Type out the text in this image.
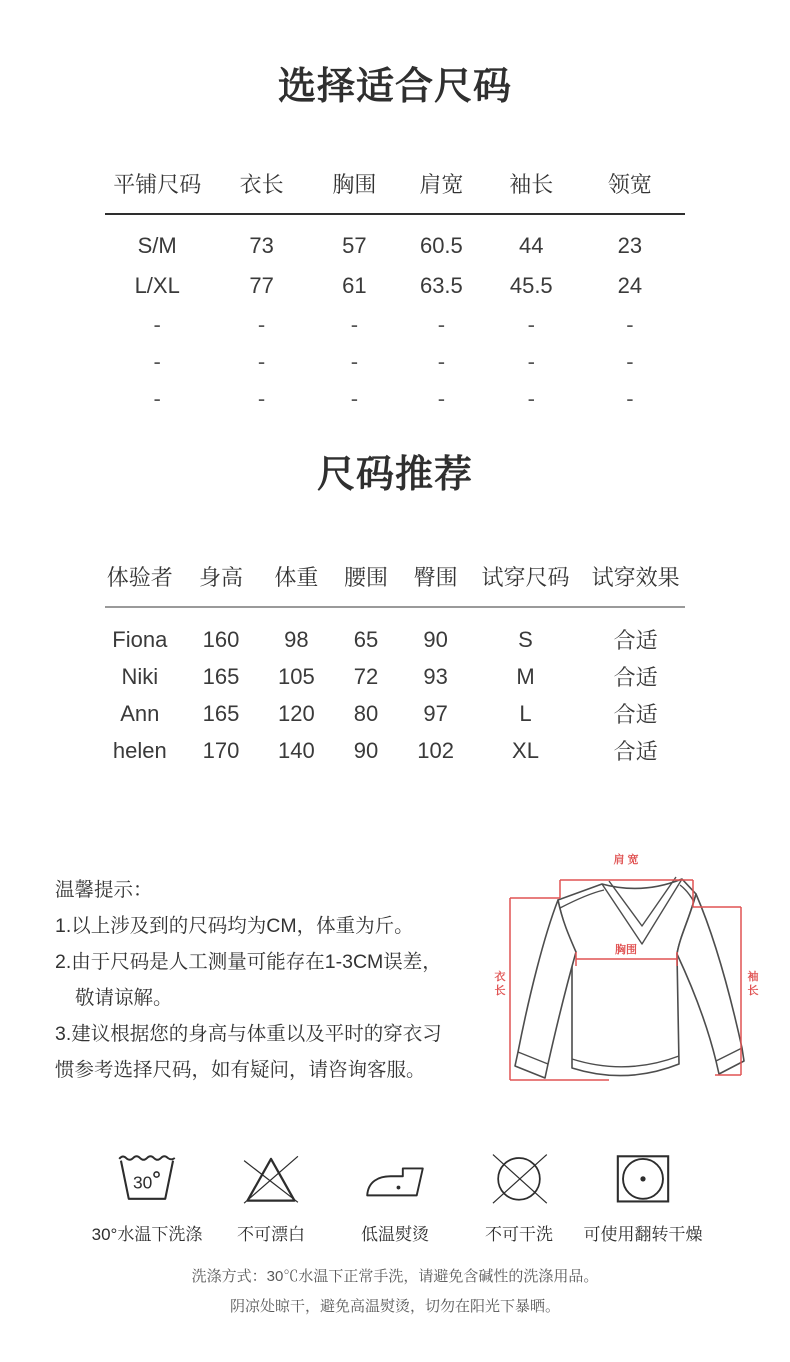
选择适合尺码
平铺尺码	衣长	胸围	肩宽	袖长	领宽
S/M	73	57	60.5	44	23
L/XL	77	61	63.5	45.5	24
-	-	-	-	-	-
-	-	-	-	-	-
-	-	-	-	-	-
尺码推荐
体验者	身高	体重	腰围	臀围	试穿尺码	试穿效果
Fiona	160	98	65	90	S	合适
Niki	165	105	72	93	M	合适
Ann	165	120	80	97	L	合适
helen	170	140	90	102	XL	合适
温馨提示：
1.以上涉及到的尺码均为CM，体重为斤。
2.由于尺码是人工测量可能存在1-3CM误差，
敬请谅解。
3.建议根据您的身高与体重以及平时的穿衣习
惯参考选择尺码，如有疑问，请咨询客服。
肩 宽
胸围
衣长
袖长
30
30°水温下洗涤	不可漂白	低温熨烫	不可干洗	可使用翻转干燥
洗涤方式：30℃水温下正常手洗，请避免含碱性的洗涤用品。
阴凉处晾干，避免高温熨烫，切勿在阳光下暴晒。
